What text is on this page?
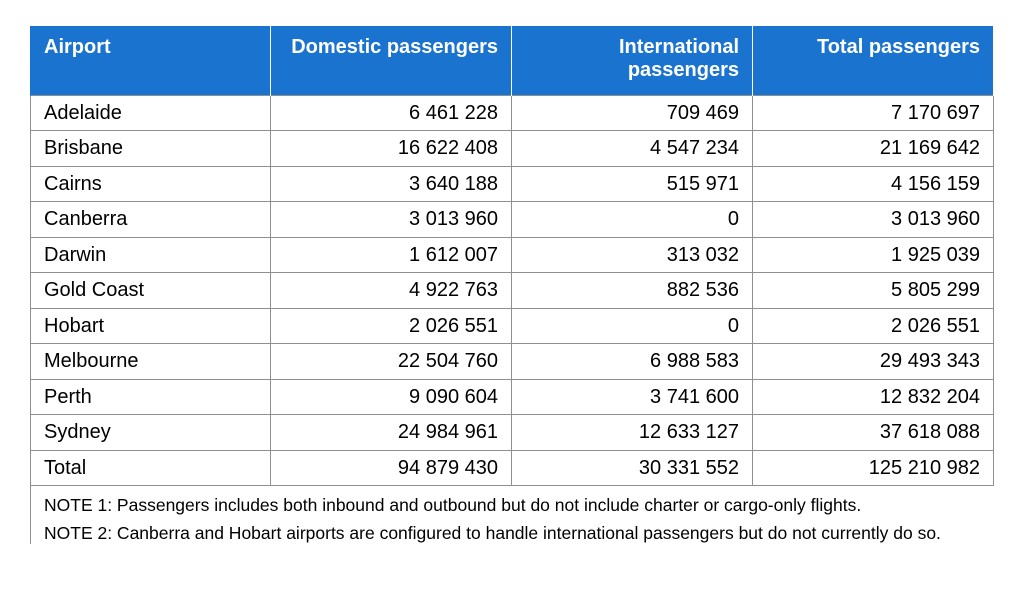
Airport	Domestic passengers	International passengers	Total passengers
Adelaide	6 461 228	709 469	7 170 697
Brisbane	16 622 408	4 547 234	21 169 642
Cairns	3 640 188	515 971	4 156 159
Canberra	3 013 960	0	3 013 960
Darwin	1 612 007	313 032	1 925 039
Gold Coast	4 922 763	882 536	5 805 299
Hobart	2 026 551	0	2 026 551
Melbourne	22 504 760	6 988 583	29 493 343
Perth	9 090 604	3 741 600	12 832 204
Sydney	24 984 961	12 633 127	37 618 088
Total	94 879 430	30 331 552	125 210 982

NOTE 1: Passengers includes both inbound and outbound but do not include charter or cargo-only flights.

NOTE 2: Canberra and Hobart airports are configured to handle international passengers but do not currently do so.
